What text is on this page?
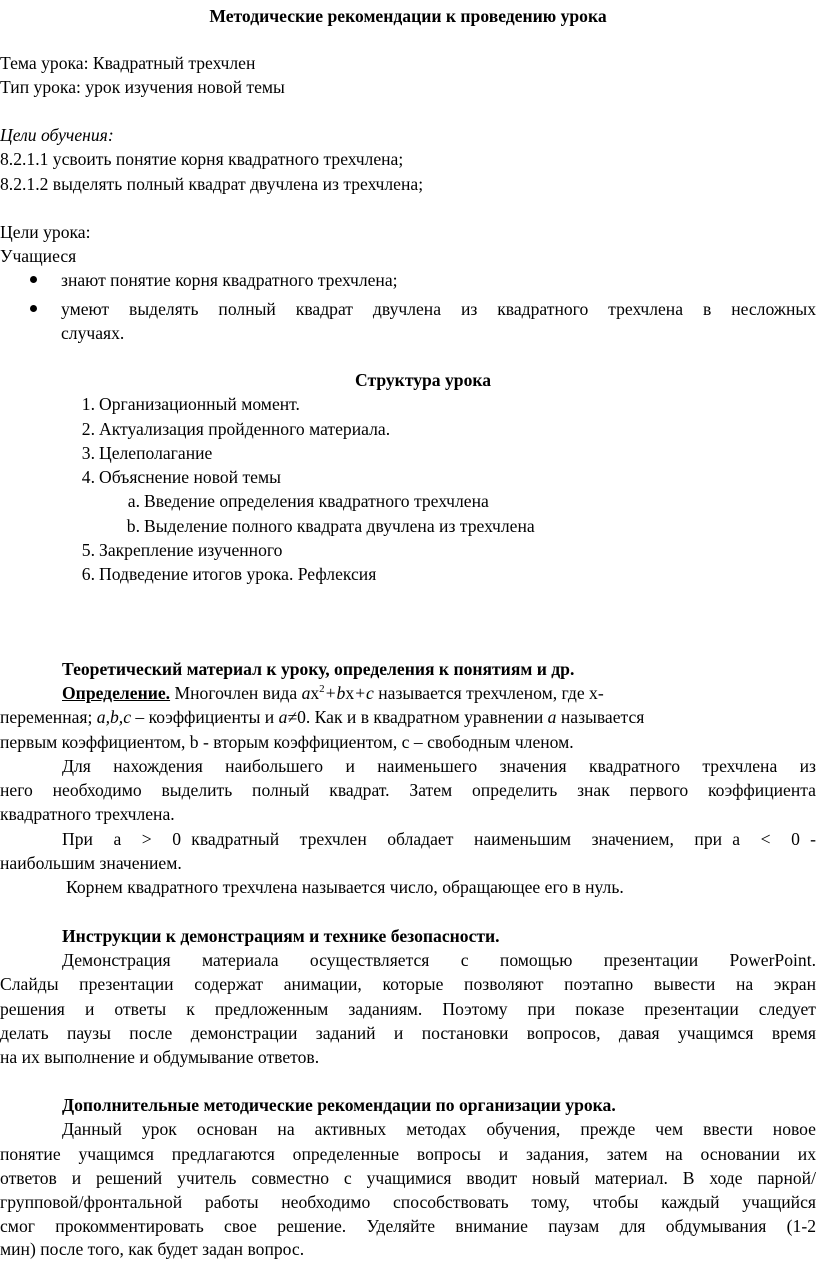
Методические рекомендации к проведению урока
Тема урока: Квадратный трехчлен
Тип урока: урок изучения новой темы
Цели обучения:
8.2.1.1 усвоить понятие корня квадратного трехчлена;
8.2.1.2 выделять полный квадрат двучлена из трехчлена;
Цели урока:
Учащиеся
знают понятие корня квадратного трехчлена;
умеют выделять полный квадрат двучлена из квадратного трехчлена в несложных
случаях.
Структура урока
1. Организационный момент.
2. Актуализация пройденного материала.
3. Целеполагание
4. Объяснение новой темы
a. Введение определения квадратного трехчлена
b. Выделение полного квадрата двучлена из трехчлена
5. Закрепление изученного
6. Подведение итогов урока. Рефлексия
Теоретический материал к уроку, определения к понятиям и др.
Определение. Многочлен вида $ax^2+bx+c$ называется трехчленом, где x-
переменная; a,b,c – коэффициенты и a≠0. Как и в квадратном уравнении a называется
первым коэффициентом, b - вторым коэффициентом, c – свободным членом.
Для нахождения наибольшего и наименьшего значения квадратного трехчлена из
него необходимо выделить полный квадрат. Затем определить знак первого коэффициента
квадратного трехчлена.
При  a  >  0 квадратный  трехчлен  обладает  наименьшим  значением,  при a  <  0 -
наибольшим значением.
Корнем квадратного трехчлена называется число, обращающее его в нуль.
Инструкции к демонстрациям и технике безопасности.
Демонстрация  материала  осуществляется  с  помощью  презентации  PowerPoint.
Слайды презентации содержат анимации, которые позволяют поэтапно вывести на экран
решения и ответы к предложенным заданиям. Поэтому при показе презентации следует
делать паузы после демонстрации заданий и постановки вопросов, давая учащимся время
на их выполнение и обдумывание ответов.
Дополнительные методические рекомендации по организации урока.
Данный урок основан на активных методах обучения, прежде чем ввести новое
понятие учащимся предлагаются определенные вопросы и задания, затем на основании их
ответов и решений учитель совместно с учащимися вводит новый материал. В ходе парной/
групповой/фронтальной работы необходимо способствовать тому, чтобы каждый учащийся
смог прокомментировать свое решение. Уделяйте внимание паузам для обдумывания (1-2
мин) после того, как будет задан вопрос.
